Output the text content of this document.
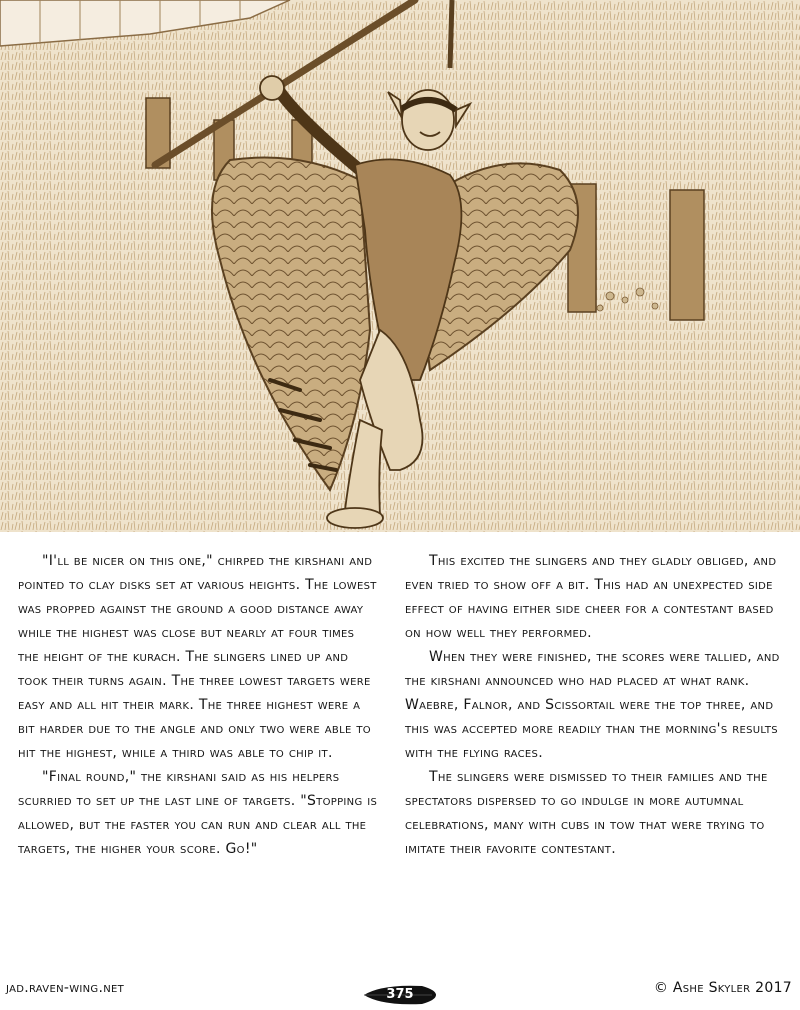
"I'll be nicer on this one," chirped the kirshani and pointed to clay disks set at various heights. The lowest was propped against the ground a good distance away while the highest was close but nearly at four times the height of the kurach. The slingers lined up and took their turns again. The three lowest targets were easy and all hit their mark. The three highest were a bit harder due to the angle and only two were able to hit the highest, while a third was able to chip it.

"Final round," the kirshani said as his helpers scurried to set up the last line of targets. "Stopping is allowed, but the faster you can run and clear all the targets, the higher your score. Go!"

This excited the slingers and they gladly obliged, and even tried to show off a bit. This had an unexpected side effect of having either side cheer for a contestant based on how well they performed.

When they were finished, the scores were tallied, and the kirshani announced who had placed at what rank. Waebre, Falnor, and Scissortail were the top three, and this was accepted more readily than the morning's results with the flying races.

The slingers were dismissed to their families and the spectators dispersed to go indulge in more autumnal celebrations, many with cubs in tow that were trying to imitate their favorite contestant.

jad.raven-wing.net	375	© Ashe Skyler 2017
